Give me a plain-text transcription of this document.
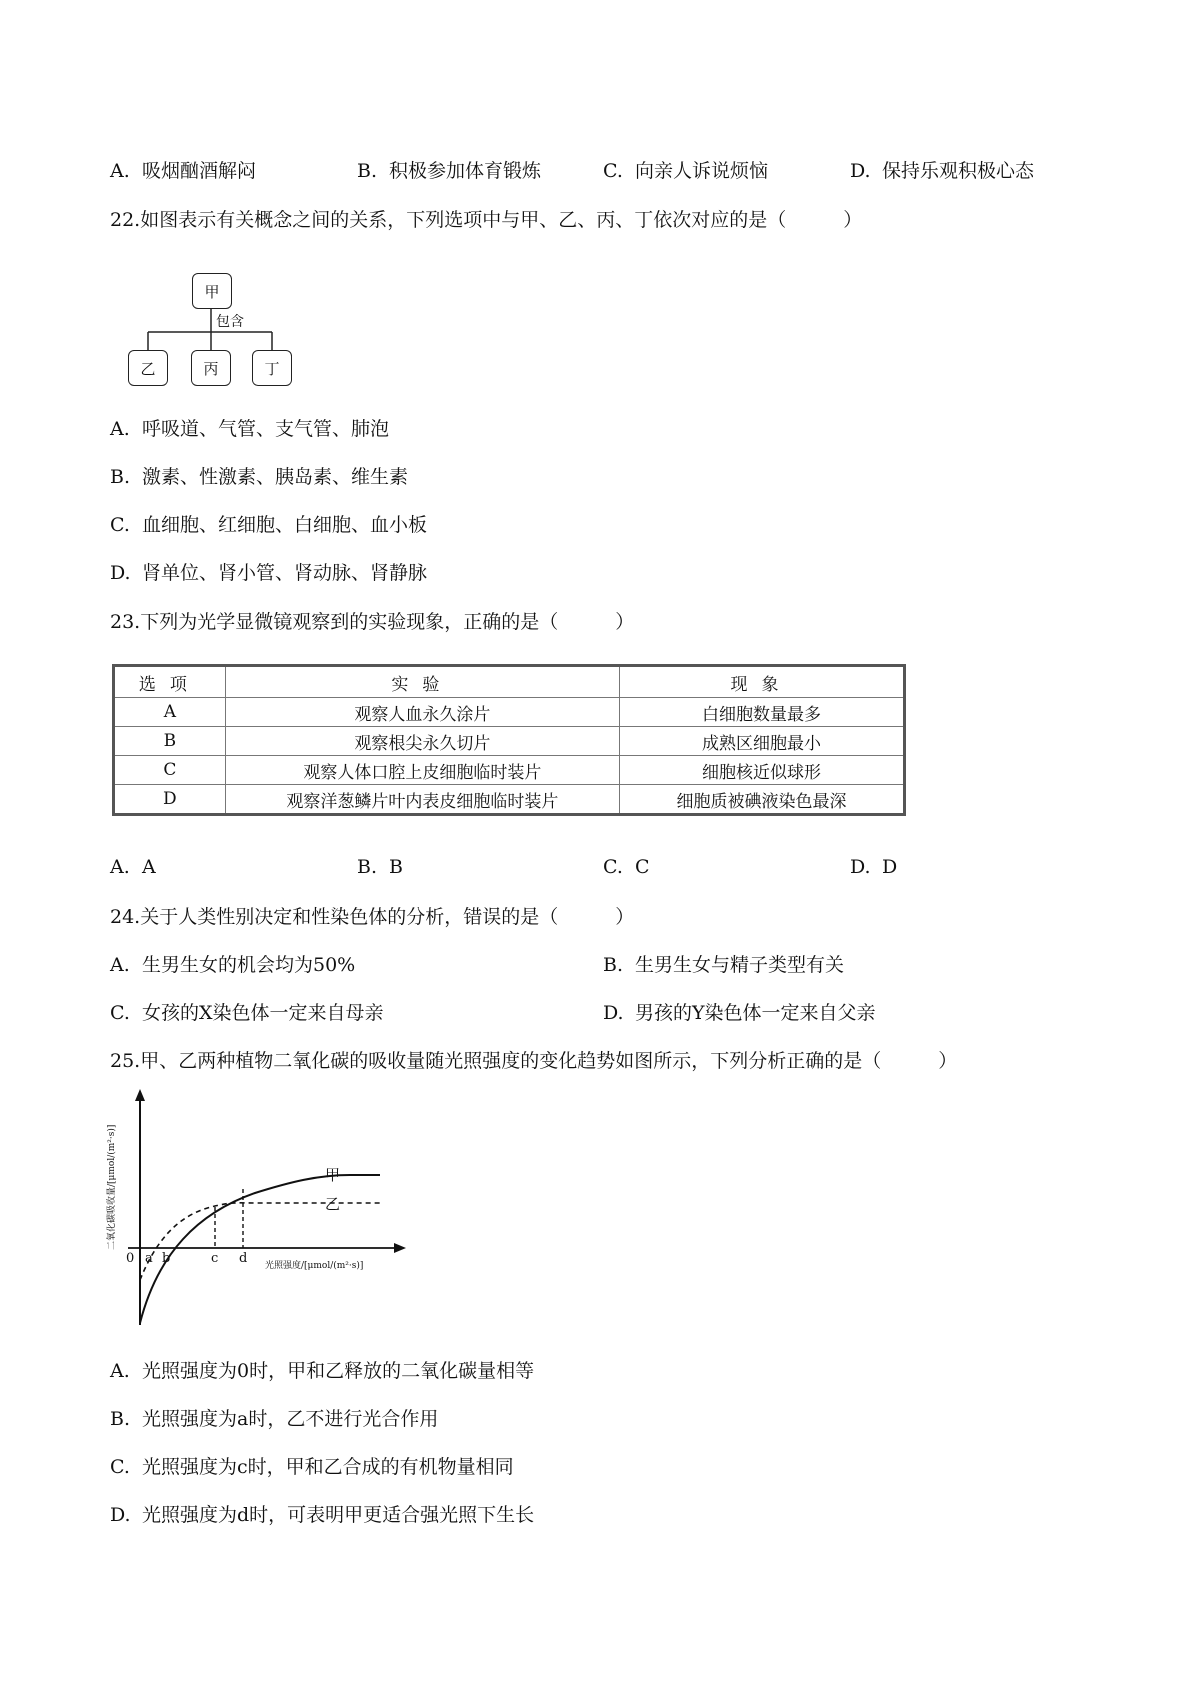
A. 吸烟酗酒解闷	B. 积极参加体育锻炼	C. 向亲人诉说烦恼	D. 保持乐观积极心态
22.如图表示有关概念之间的关系，下列选项中与甲、乙、丙、丁依次对应的是（　　　）
甲
包含
乙	丙	丁
A. 呼吸道、气管、支气管、肺泡
B. 激素、性激素、胰岛素、维生素
C. 血细胞、红细胞、白细胞、血小板
D. 肾单位、肾小管、肾动脉、肾静脉
23.下列为光学显微镜观察到的实验现象，正确的是（　　　）
选项	实验	现象
A	观察人血永久涂片	白细胞数量最多
B	观察根尖永久切片	成熟区细胞最小
C	观察人体口腔上皮细胞临时装片	细胞核近似球形
D	观察洋葱鳞片叶内表皮细胞临时装片	细胞质被碘液染色最深
A. A	B. B	C. C	D. D
24.关于人类性别决定和性染色体的分析，错误的是（　　　）
A. 生男生女的机会均为50%	B. 生男生女与精子类型有关
C. 女孩的X染色体一定来自母亲	D. 男孩的Y染色体一定来自父亲
25.甲、乙两种植物二氧化碳的吸收量随光照强度的变化趋势如图所示，下列分析正确的是（　　　）
二氧化碳吸收量/[μmol/(m²·s)]
光照强度/[μmol/(m²·s)]
0 a b	c d
甲
乙
A. 光照强度为0时，甲和乙释放的二氧化碳量相等
B. 光照强度为a时，乙不进行光合作用
C. 光照强度为c时，甲和乙合成的有机物量相同
D. 光照强度为d时，可表明甲更适合强光照下生长
